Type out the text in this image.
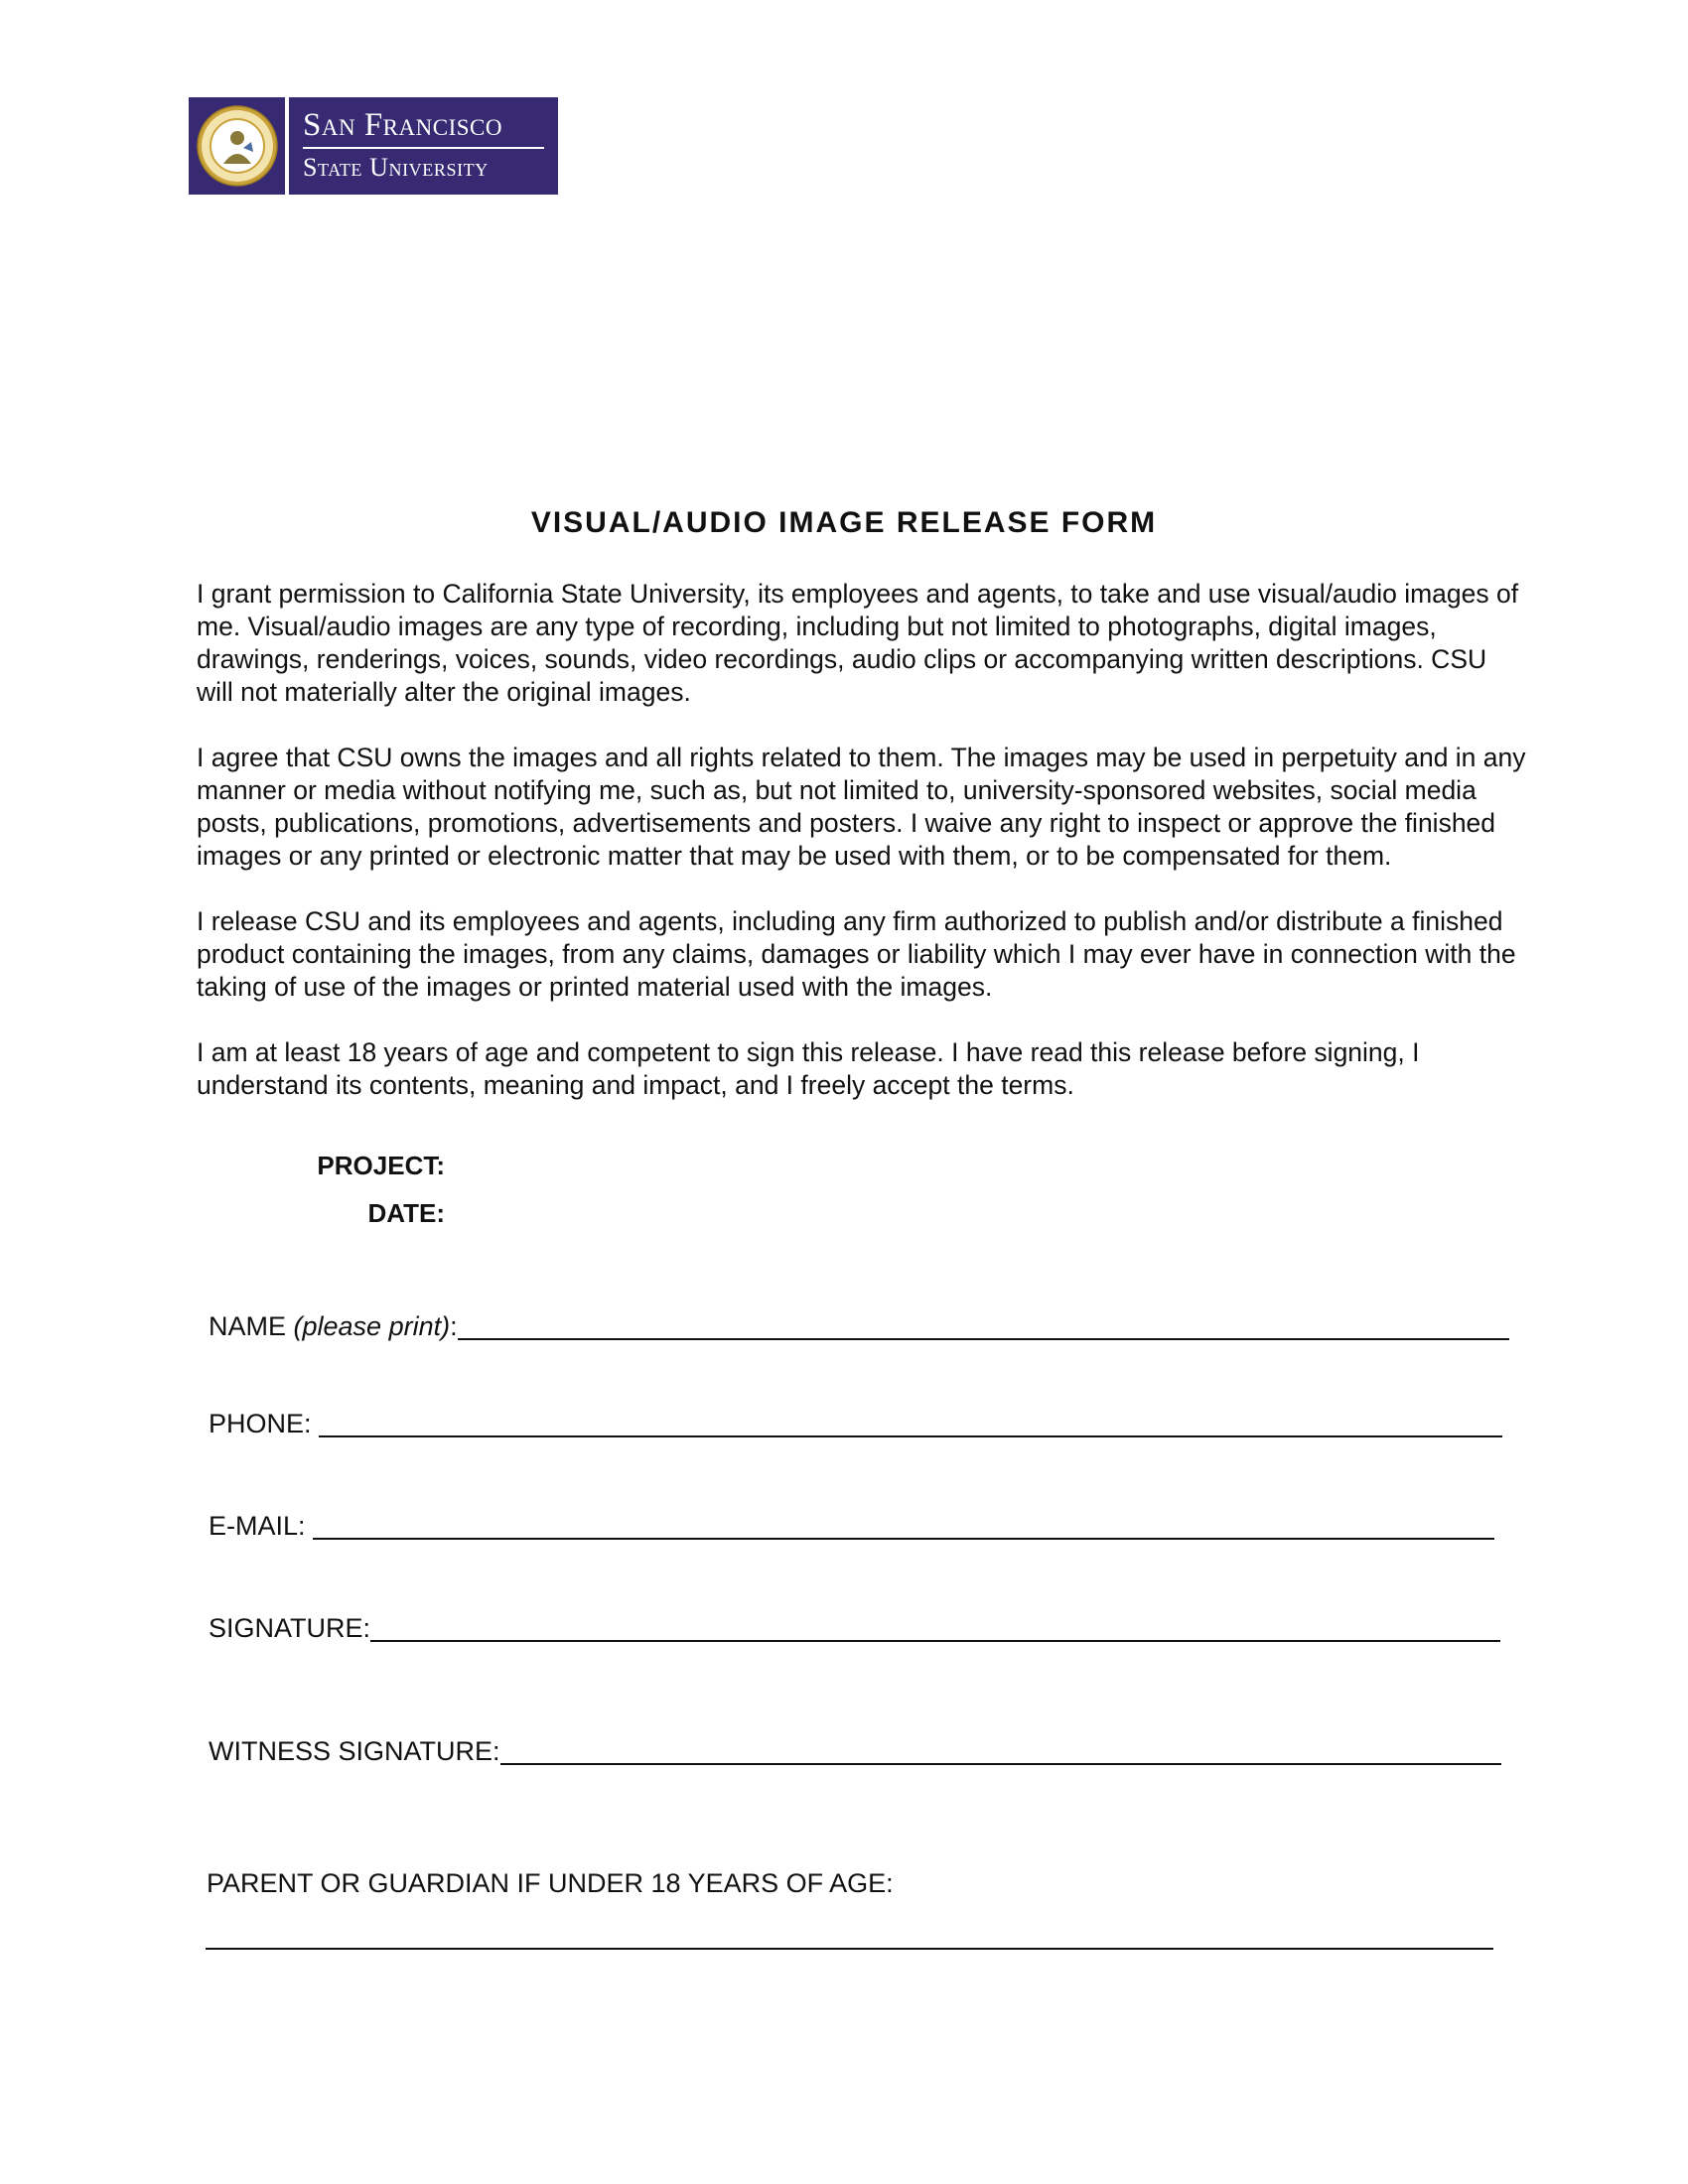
San Francisco
State University
VISUAL/AUDIO IMAGE RELEASE FORM

I grant permission to California State University, its employees and agents, to take and use visual/audio images of me. Visual/audio images are any type of recording, including but not limited to photographs, digital images, drawings, renderings, voices, sounds, video recordings, audio clips or accompanying written descriptions. CSU will not materially alter the original images.

I agree that CSU owns the images and all rights related to them. The images may be used in perpetuity and in any manner or media without notifying me, such as, but not limited to, university-sponsored websites, social media posts, publications, promotions, advertisements and posters. I waive any right to inspect or approve the finished images or any printed or electronic matter that may be used with them, or to be compensated for them.

I release CSU and its employees and agents, including any firm authorized to publish and/or distribute a finished product containing the images, from any claims, damages or liability which I may ever have in connection with the taking of use of the images or printed material used with the images.

I am at least 18 years of age and competent to sign this release. I have read this release before signing, I understand its contents, meaning and impact, and I freely accept the terms.

PROJECT:
DATE:
NAME (please print) :
PHONE:
E-MAIL:
SIGNATURE:
WITNESS SIGNATURE:
PARENT OR GUARDIAN IF UNDER 18 YEARS OF AGE:
